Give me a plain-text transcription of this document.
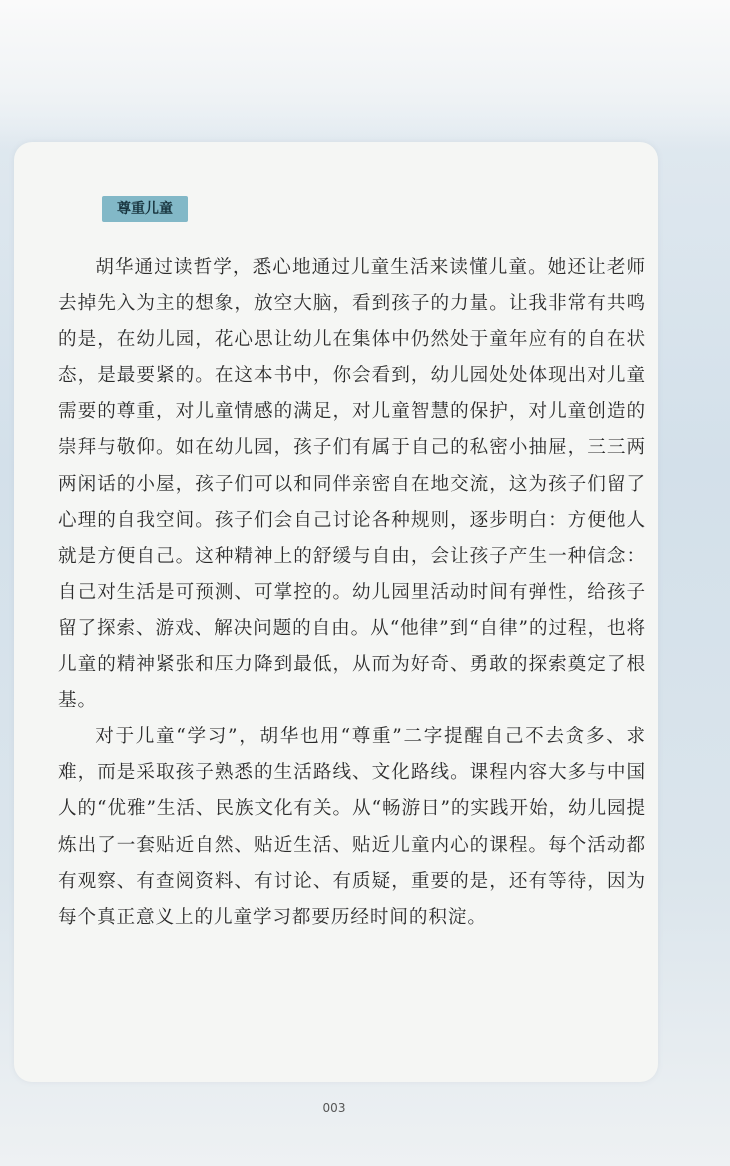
尊重儿童

胡华通过读哲学，悉心地通过儿童生活来读懂儿童。她还让老师去掉先入为主的想象，放空大脑，看到孩子的力量。让我非常有共鸣的是，在幼儿园，花心思让幼儿在集体中仍然处于童年应有的自在状态，是最要紧的。在这本书中，你会看到，幼儿园处处体现出对儿童需要的尊重，对儿童情感的满足，对儿童智慧的保护，对儿童创造的崇拜与敬仰。如在幼儿园，孩子们有属于自己的私密小抽屉，三三两两闲话的小屋，孩子们可以和同伴亲密自在地交流，这为孩子们留了心理的自我空间。孩子们会自己讨论各种规则，逐步明白：方便他人就是方便自己。这种精神上的舒缓与自由，会让孩子产生一种信念：自己对生活是可预测、可掌控的。幼儿园里活动时间有弹性，给孩子留了探索、游戏、解决问题的自由。从“他律”到“自律”的过程，也将儿童的精神紧张和压力降到最低，从而为好奇、勇敢的探索奠定了根基。

对于儿童“学习”，胡华也用“尊重”二字提醒自己不去贪多、求难，而是采取孩子熟悉的生活路线、文化路线。课程内容大多与中国人的“优雅”生活、民族文化有关。从“畅游日”的实践开始，幼儿园提炼出了一套贴近自然、贴近生活、贴近儿童内心的课程。每个活动都有观察、有查阅资料、有讨论、有质疑，重要的是，还有等待，因为每个真正意义上的儿童学习都要历经时间的积淀。

003
